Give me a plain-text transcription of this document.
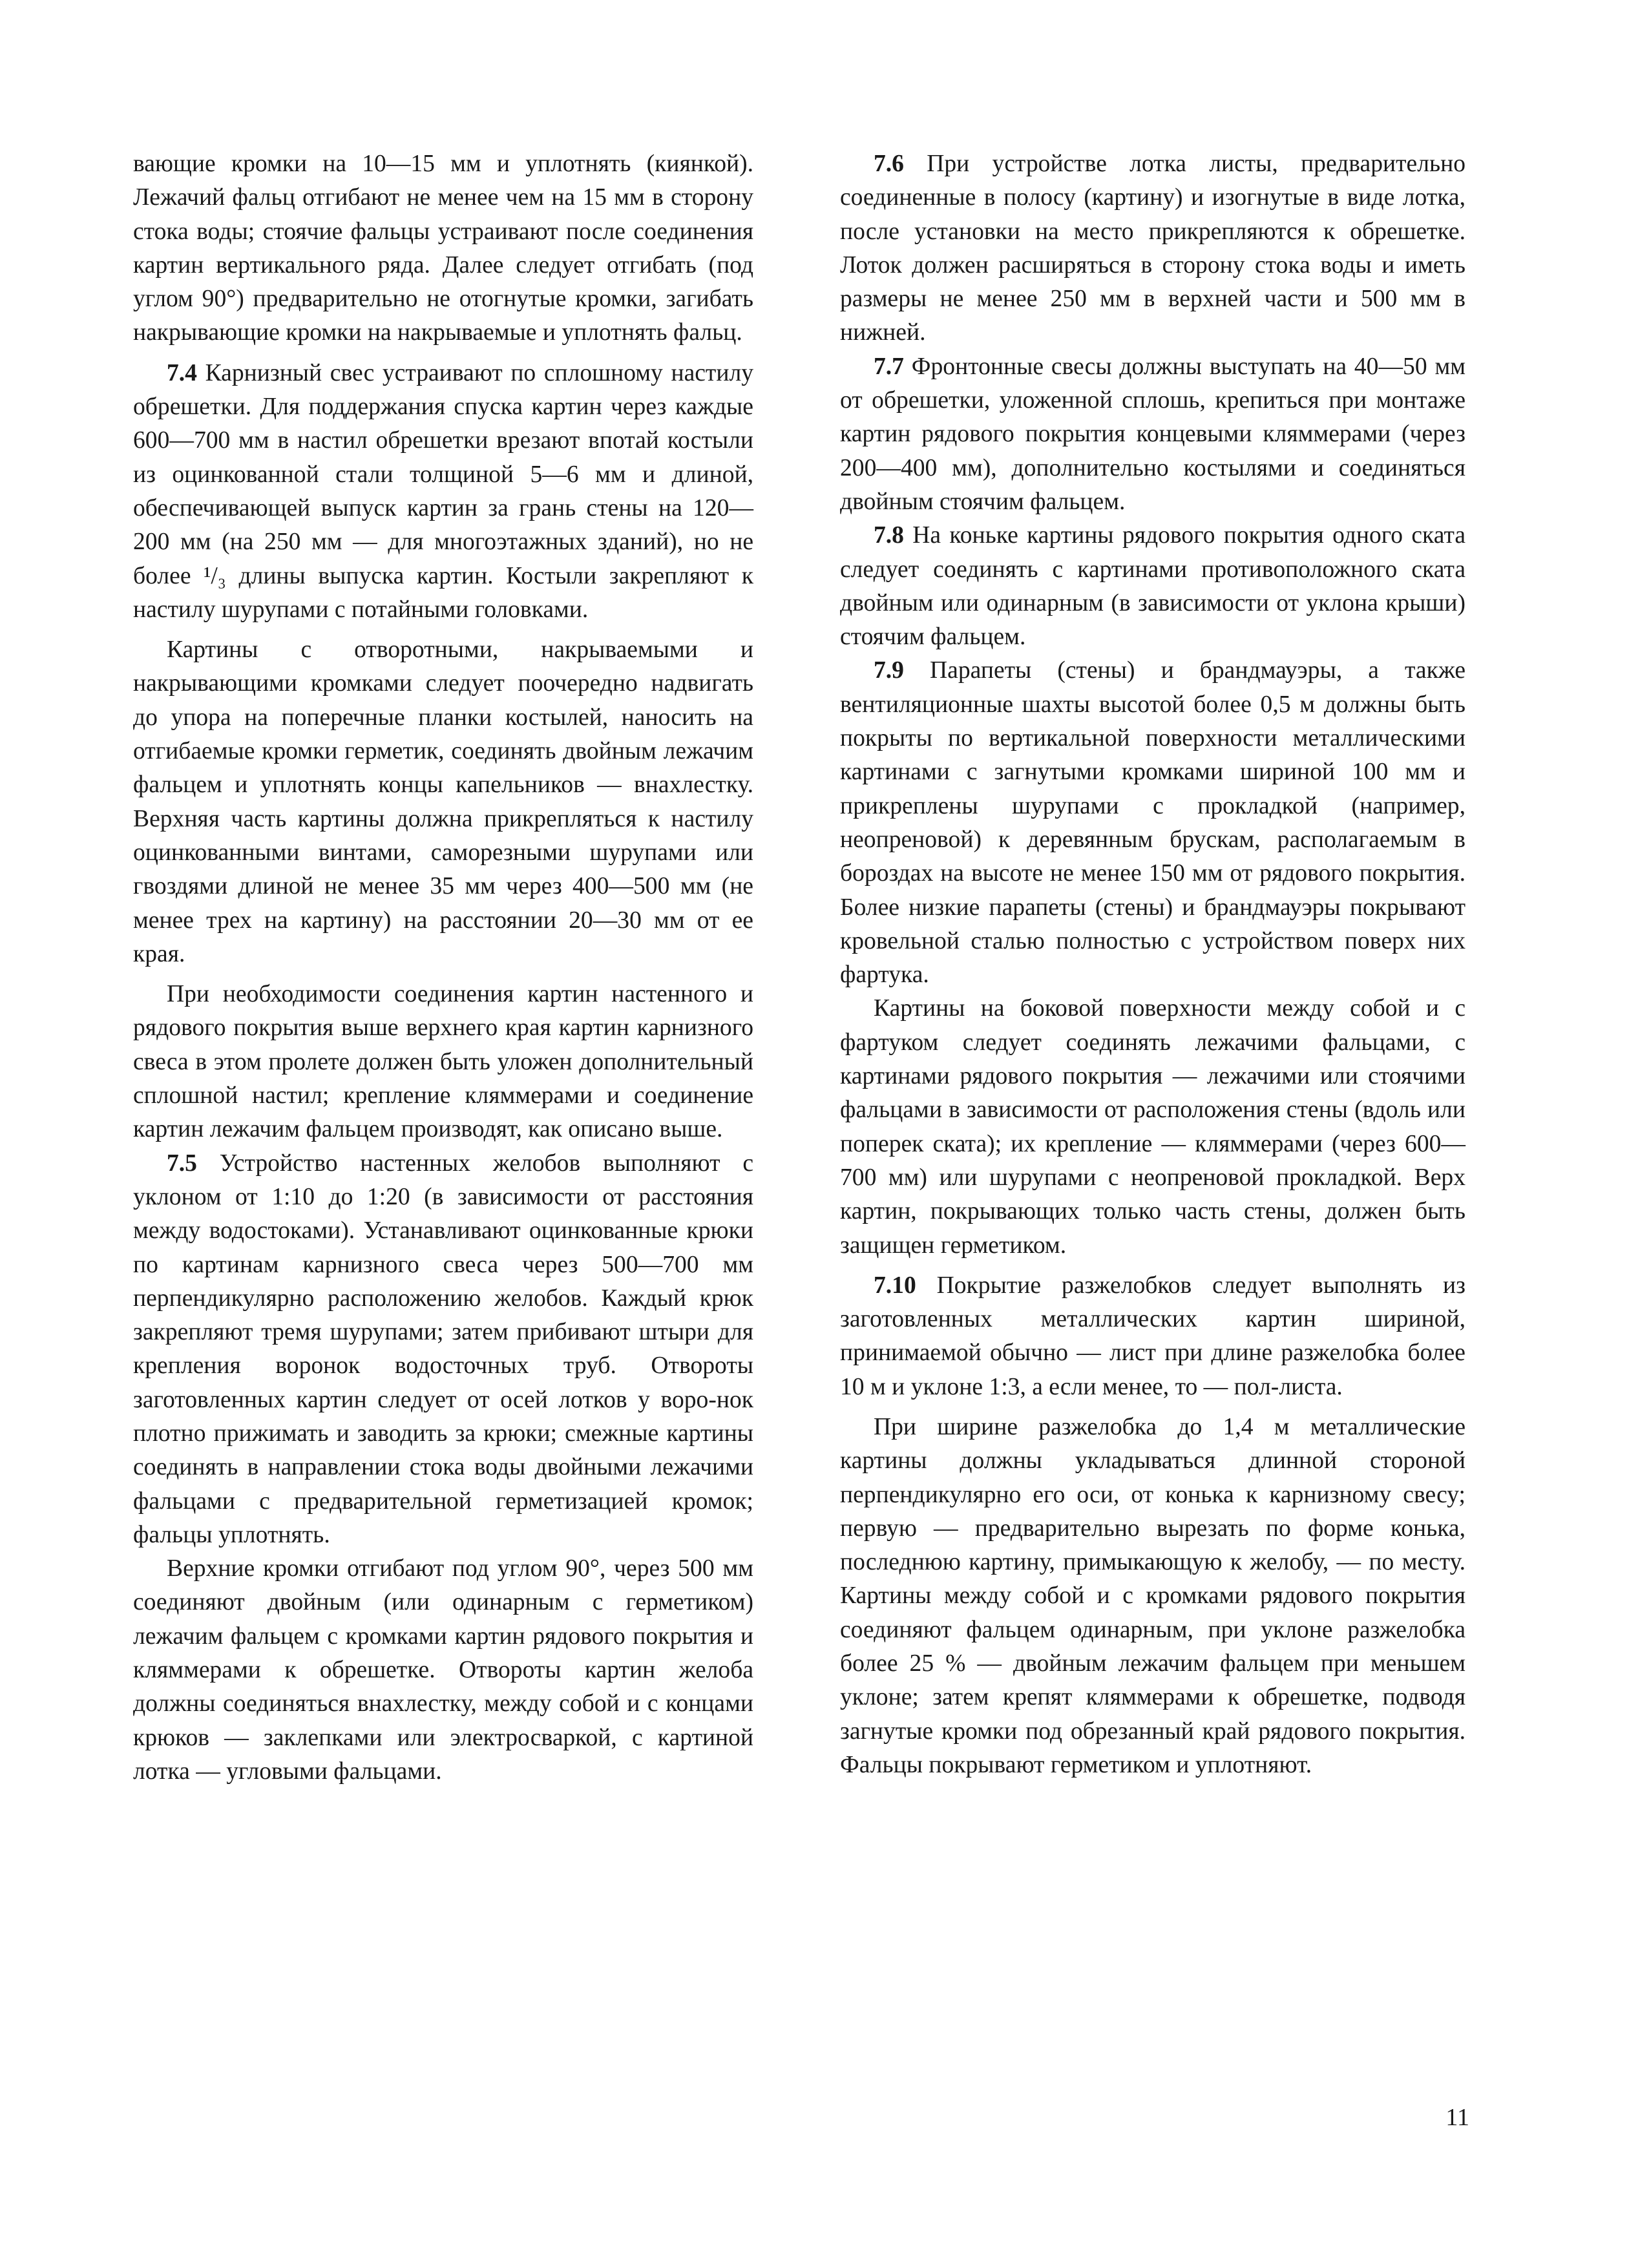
вающие кромки на 10—15 мм и уплотнять (киянкой). Лежачий фальц отгибают не менее чем на 15 мм в сторону стока воды; стоячие фальцы устраивают после соединения картин вертикального ряда. Далее следует отгибать (под углом 90°) предварительно не отогнутые кромки, загибать накрывающие кромки на накрываемые и уплотнять фальц.

7.4 Карнизный свес устраивают по сплошному настилу обрешетки. Для поддержания спуска картин через каждые 600—700 мм в настил обрешетки врезают впотай костыли из оцинкованной стали толщиной 5—6 мм и длиной, обеспечивающей выпуск картин за грань стены на 120—200 мм (на 250 мм — для многоэтажных зданий), но не более ¹/₃ длины выпуска картин. Костыли закрепляют к настилу шурупами с потайными головками.

Картины с отворотными, накрываемыми и накрывающими кромками следует поочередно надвигать до упора на поперечные планки костылей, наносить на отгибаемые кромки герметик, соединять двойным лежачим фальцем и уплотнять концы капельников — внахлестку. Верхняя часть картины должна прикрепляться к настилу оцинкованными винтами, саморезными шурупами или гвоздями длиной не менее 35 мм через 400—500 мм (не менее трех на картину) на расстоянии 20—30 мм от ее края.

При необходимости соединения картин настенного и рядового покрытия выше верхнего края картин карнизного свеса в этом пролете должен быть уложен дополнительный сплошной настил; крепление кляммерами и соединение картин лежачим фальцем производят, как описано выше.

7.5 Устройство настенных желобов выполняют с уклоном от 1:10 до 1:20 (в зависимости от расстояния между водостоками). Устанавливают оцинкованные крюки по картинам карнизного свеса через 500—700 мм перпендикулярно расположению желобов. Каждый крюк закрепляют тремя шурупами; затем прибивают штыри для крепления воронок водосточных труб. Отвороты заготовленных картин следует от осей лотков у воро-нок плотно прижимать и заводить за крюки; смежные картины соединять в направлении стока воды двойными лежачими фальцами с предварительной герметизацией кромок; фальцы уплотнять.

Верхние кромки отгибают под углом 90°, через 500 мм соединяют двойным (или одинарным с герметиком) лежачим фальцем с кромками картин рядового покрытия и кляммерами к обрешетке. Отвороты картин желоба должны соединяться внахлестку, между собой и с концами крюков — заклепками или электросваркой, с картиной лотка — угловыми фальцами.

7.6 При устройстве лотка листы, предварительно соединенные в полосу (картину) и изогнутые в виде лотка, после установки на место прикрепляются к обрешетке. Лоток должен расширяться в сторону стока воды и иметь размеры не менее 250 мм в верхней части и 500 мм в нижней.

7.7 Фронтонные свесы должны выступать на 40—50 мм от обрешетки, уложенной сплошь, крепиться при монтаже картин рядового покрытия концевыми кляммерами (через 200—400 мм), дополнительно костылями и соединяться двойным стоячим фальцем.

7.8 На коньке картины рядового покрытия одного ската следует соединять с картинами противоположного ската двойным или одинарным (в зависимости от уклона крыши) стоячим фальцем.

7.9 Парапеты (стены) и брандмауэры, а также вентиляционные шахты высотой более 0,5 м должны быть покрыты по вертикальной поверхности металлическими картинами с загнутыми кромками шириной 100 мм и прикреплены шурупами с прокладкой (например, неопреновой) к деревянным брускам, располагаемым в бороздах на высоте не менее 150 мм от рядового покрытия. Более низкие парапеты (стены) и брандмауэры покрывают кровельной сталью полностью с устройством поверх них фартука.

Картины на боковой поверхности между собой и с фартуком следует соединять лежачими фальцами, с картинами рядового покрытия — лежачими или стоячими фальцами в зависимости от расположения стены (вдоль или поперек ската); их крепление — кляммерами (через 600—700 мм) или шурупами с неопреновой прокладкой. Верх картин, покрывающих только часть стены, должен быть защищен герметиком.

7.10 Покрытие разжелобков следует выполнять из заготовленных металлических картин шириной, принимаемой обычно — лист при длине разжелобка более 10 м и уклоне 1:3, а если менее, то — пол-листа.

При ширине разжелобка до 1,4 м металлические картины должны укладываться длинной стороной перпендикулярно его оси, от конька к карнизному свесу; первую — предварительно вырезать по форме конька, последнюю картину, примыкающую к желобу, — по месту. Картины между собой и с кромками рядового покрытия соединяют фальцем одинарным, при уклоне разжелобка более 25 % — двойным лежачим фальцем при меньшем уклоне; затем крепят кляммерами к обрешетке, подводя загнутые кромки под обрезанный край рядового покрытия. Фальцы покрывают герметиком и уплотняют.

11
